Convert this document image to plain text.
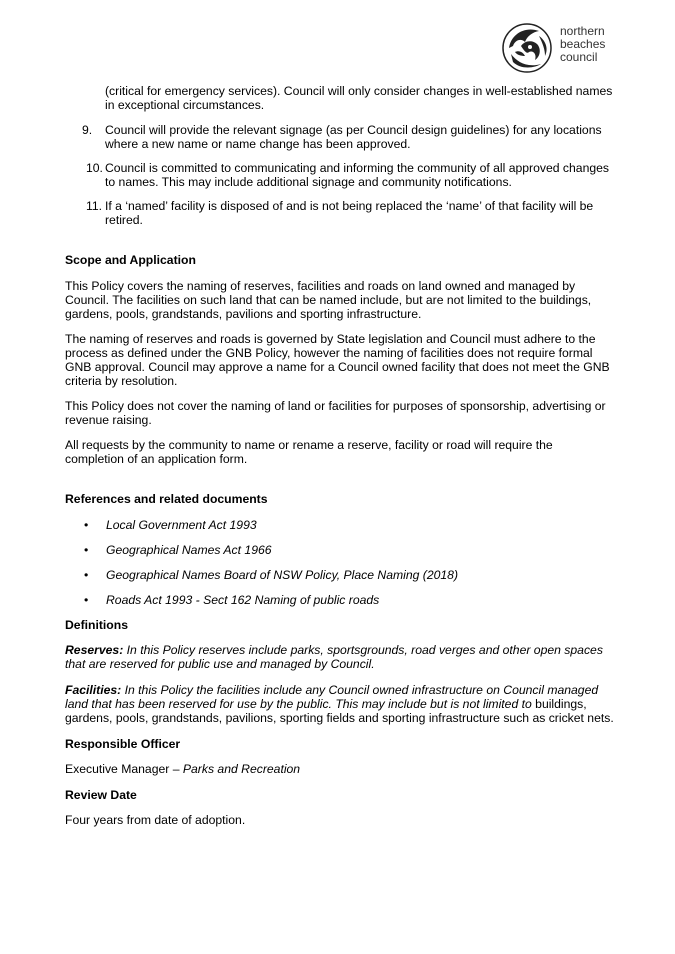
northern
beaches
council
(critical for emergency services). Council will only consider changes in well-established names in exceptional circumstances.
9. Council will provide the relevant signage (as per Council design guidelines) for any locations where a new name or name change has been approved.
10. Council is committed to communicating and informing the community of all approved changes to names. This may include additional signage and community notifications.
11. If a ‘named’ facility is disposed of and is not being replaced the ‘name’ of that facility will be retired.
Scope and Application

This Policy covers the naming of reserves, facilities and roads on land owned and managed by Council. The facilities on such land that can be named include, but are not limited to the buildings, gardens, pools, grandstands, pavilions and sporting infrastructure.

The naming of reserves and roads is governed by State legislation and Council must adhere to the process as defined under the GNB Policy, however the naming of facilities does not require formal GNB approval. Council may approve a name for a Council owned facility that does not meet the GNB criteria by resolution.

This Policy does not cover the naming of land or facilities for purposes of sponsorship, advertising or revenue raising.

All requests by the community to name or rename a reserve, facility or road will require the completion of an application form.

References and related documents
• Local Government Act 1993
• Geographical Names Act 1966
• Geographical Names Board of NSW Policy, Place Naming (2018)
• Roads Act 1993 - Sect 162 Naming of public roads
Definitions

Reserves: In this Policy reserves include parks, sportsgrounds, road verges and other open spaces that are reserved for public use and managed by Council.

Facilities: In this Policy the facilities include any Council owned infrastructure on Council managed land that has been reserved for use by the public. This may include but is not limited to buildings, gardens, pools, grandstands, pavilions, sporting fields and sporting infrastructure such as cricket nets.

Responsible Officer

Executive Manager – Parks and Recreation

Review Date

Four years from date of adoption.
